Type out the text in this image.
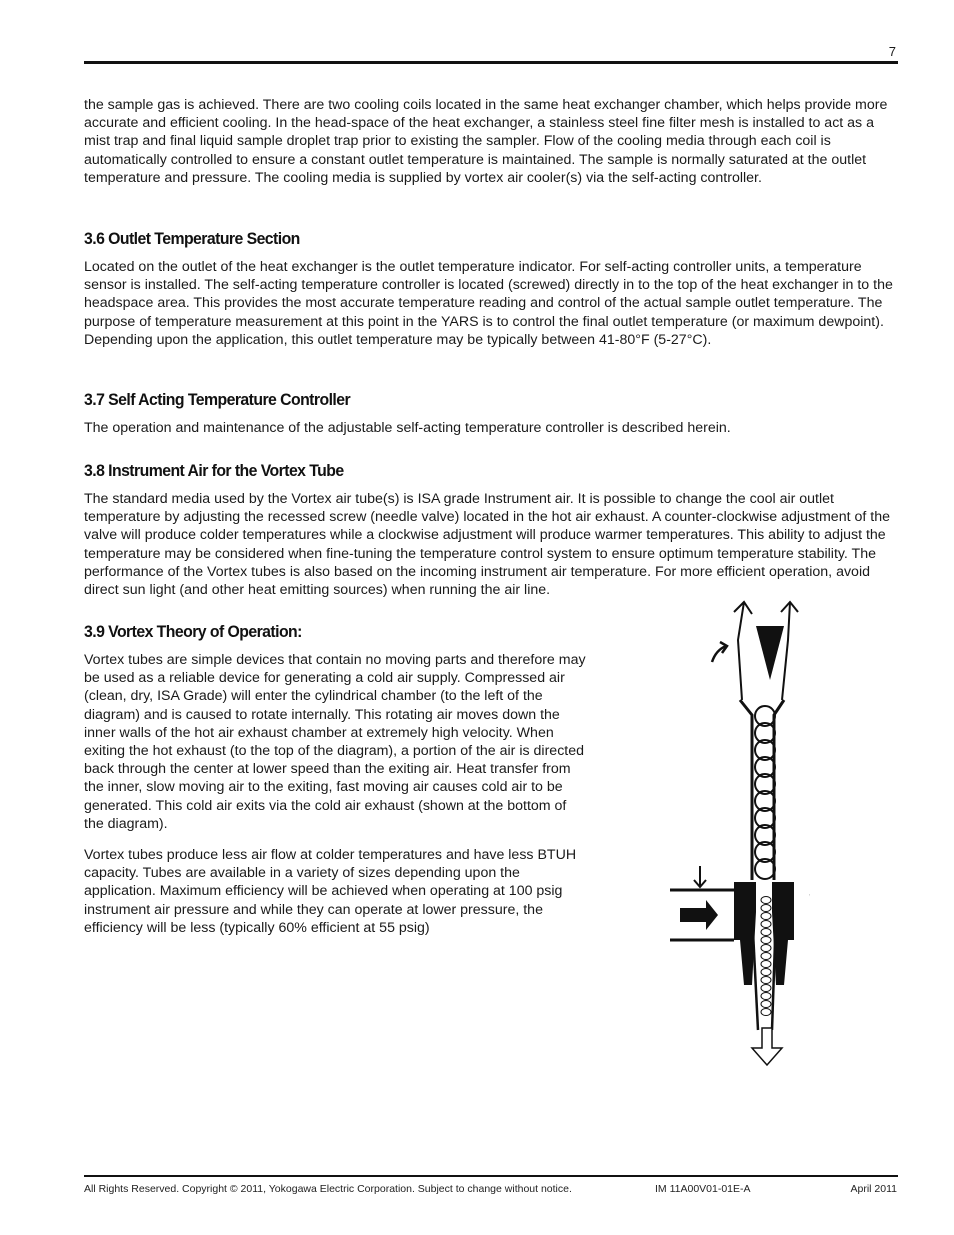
7

the sample gas is achieved. There are two cooling coils located in the same heat exchanger chamber, which helps provide more accurate and efficient cooling. In the head-space of the heat exchanger, a stainless steel fine filter mesh is installed to act as a mist trap and final liquid sample droplet trap prior to existing the sampler. Flow of the cooling media through each coil is automatically controlled to ensure a constant outlet temperature is maintained. The sample is normally saturated at the outlet temperature and pressure. The cooling media is supplied by vortex air cooler(s) via the self-acting controller.

3.6 Outlet Temperature Section

Located on the outlet of the heat exchanger is the outlet temperature indicator. For self-acting controller units, a temperature sensor is installed. The self-acting temperature controller is located (screwed) directly in to the top of the heat exchanger in to the headspace area. This provides the most accurate temperature reading and control of the actual sample outlet temperature. The purpose of temperature measurement at this point in the YARS is to control the final outlet temperature (or maximum dewpoint). Depending upon the application, this outlet temperature may be typically between 41-80°F (5-27°C).

3.7 Self Acting Temperature Controller

The operation and maintenance of the adjustable self-acting temperature controller is described herein.

3.8 Instrument Air for the Vortex Tube

The standard media used by the Vortex air tube(s) is ISA grade Instrument air. It is possible to change the cool air outlet temperature by adjusting the recessed screw (needle valve) located in the hot air exhaust. A counter-clockwise adjustment of the valve will produce colder temperatures while a clockwise adjustment will produce warmer temperatures. This ability to adjust the temperature may be considered when fine-tuning the temperature control system to ensure optimum temperature stability. The performance of the Vortex tubes is also based on the incoming instrument air temperature. For more efficient operation, avoid direct sun light (and other heat emitting sources) when running the air line.

3.9 Vortex Theory of Operation:

Vortex tubes are simple devices that contain no moving parts and therefore may be used as a reliable device for generating a cold air supply. Compressed air (clean, dry, ISA Grade) will enter the cylindrical chamber (to the left of the diagram) and is caused to rotate internally. This rotating air moves down the inner walls of the hot air exhaust chamber at extremely high velocity. When exiting the hot exhaust (to the top of the diagram), a portion of the air is directed back through the center at lower speed than the exiting air. Heat transfer from the inner, slow moving air to the exiting, fast moving air causes cold air to be generated. This cold air exits via the cold air exhaust (shown at the bottom of the diagram).

Vortex tubes produce less air flow at colder temperatures and have less BTUH capacity. Tubes are available in a variety of sizes depending upon the application. Maximum efficiency will be achieved when operating at 100 psig instrument air pressure and while they can operate at lower pressure, the efficiency will be less (typically 60% efficient at 55 psig)

All Rights Reserved. Copyright © 2011, Yokogawa Electric Corporation. Subject to change without notice.	IM 11A00V01-01E-A	April 2011
